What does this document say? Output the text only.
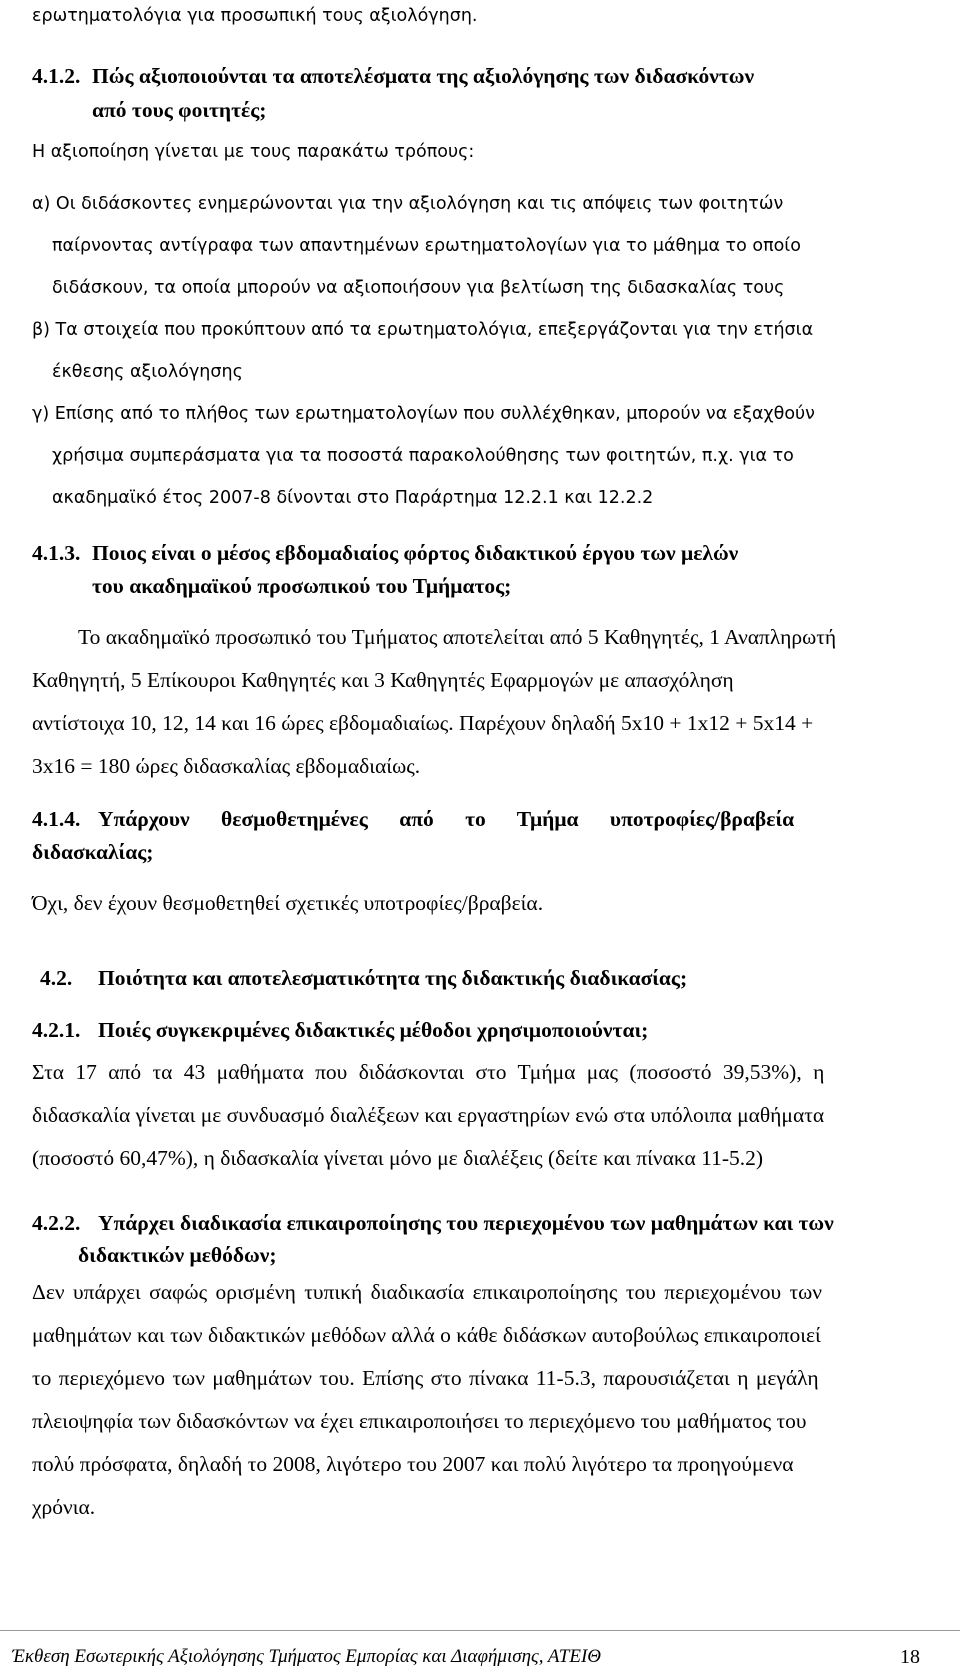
ερωτηματολόγια για προσωπική τους αξιολόγηση.

4.1.2. Πώς αξιοποιούνται τα αποτελέσματα της αξιολόγησης των διδασκόντων

από τους φοιτητές;

Η αξιοποίηση γίνεται με τους παρακάτω τρόπους:

α) Οι διδάσκοντες ενημερώνονται για την αξιολόγηση και τις απόψεις των φοιτητών

παίρνοντας αντίγραφα των απαντημένων ερωτηματολογίων για το μάθημα το οποίο

διδάσκουν, τα οποία μπορούν να αξιοποιήσουν για βελτίωση της διδασκαλίας τους

β) Τα στοιχεία που προκύπτουν από τα ερωτηματολόγια, επεξεργάζονται για την ετήσια

έκθεσης αξιολόγησης

γ) Επίσης από το πλήθος των ερωτηματολογίων που συλλέχθηκαν, μπορούν να εξαχθούν

χρήσιμα συμπεράσματα για τα ποσοστά παρακολούθησης των φοιτητών, π.χ. για το

ακαδημαϊκό έτος 2007-8 δίνονται στο Παράρτημα 12.2.1 και 12.2.2

4.1.3. Ποιος είναι ο μέσος εβδομαδιαίος φόρτος διδακτικού έργου των μελών

του ακαδημαϊκού προσωπικού του Τμήματος;

Το ακαδημαϊκό προσωπικό του Τμήματος αποτελείται από 5 Καθηγητές, 1 Αναπληρωτή

Καθηγητή, 5 Επίκουροι Καθηγητές και 3 Καθηγητές Εφαρμογών με απασχόληση

αντίστοιχα 10, 12, 14 και 16 ώρες εβδομαδιαίως. Παρέχουν δηλαδή 5x10 + 1x12 + 5x14 +

3x16 = 180 ώρες διδασκαλίας εβδομαδιαίως.

4.1.4. Υπάρχουν θεσμοθετημένες από το Τμήμα υποτροφίες/βραβεία

διδασκαλίας;

Όχι, δεν έχουν θεσμοθετηθεί σχετικές υποτροφίες/βραβεία.

4.2. Ποιότητα και αποτελεσματικότητα της διδακτικής διαδικασίας;

4.2.1. Ποιές συγκεκριμένες διδακτικές μέθοδοι χρησιμοποιούνται;

Στα 17 από τα 43 μαθήματα που διδάσκονται στο Τμήμα μας (ποσοστό 39,53%), η

διδασκαλία γίνεται με συνδυασμό διαλέξεων και εργαστηρίων ενώ στα υπόλοιπα μαθήματα

(ποσοστό 60,47%), η διδασκαλία γίνεται μόνο με διαλέξεις (δείτε και πίνακα 11-5.2)

4.2.2. Υπάρχει διαδικασία επικαιροποίησης του περιεχομένου των μαθημάτων και των

διδακτικών μεθόδων;

Δεν υπάρχει σαφώς ορισμένη τυπική διαδικασία επικαιροποίησης του περιεχομένου των

μαθημάτων και των διδακτικών μεθόδων αλλά ο κάθε διδάσκων αυτοβούλως επικαιροποιεί

το περιεχόμενο των μαθημάτων του. Επίσης στο πίνακα 11-5.3, παρουσιάζεται η μεγάλη

πλειοψηφία των διδασκόντων να έχει επικαιροποιήσει το περιεχόμενο του μαθήματος του

πολύ πρόσφατα, δηλαδή το 2008, λιγότερο του 2007 και πολύ λιγότερο τα προηγούμενα

χρόνια.

Έκθεση Εσωτερικής Αξιολόγησης Τμήματος Εμπορίας και Διαφήμισης, ΑΤΕΙΘ	18
